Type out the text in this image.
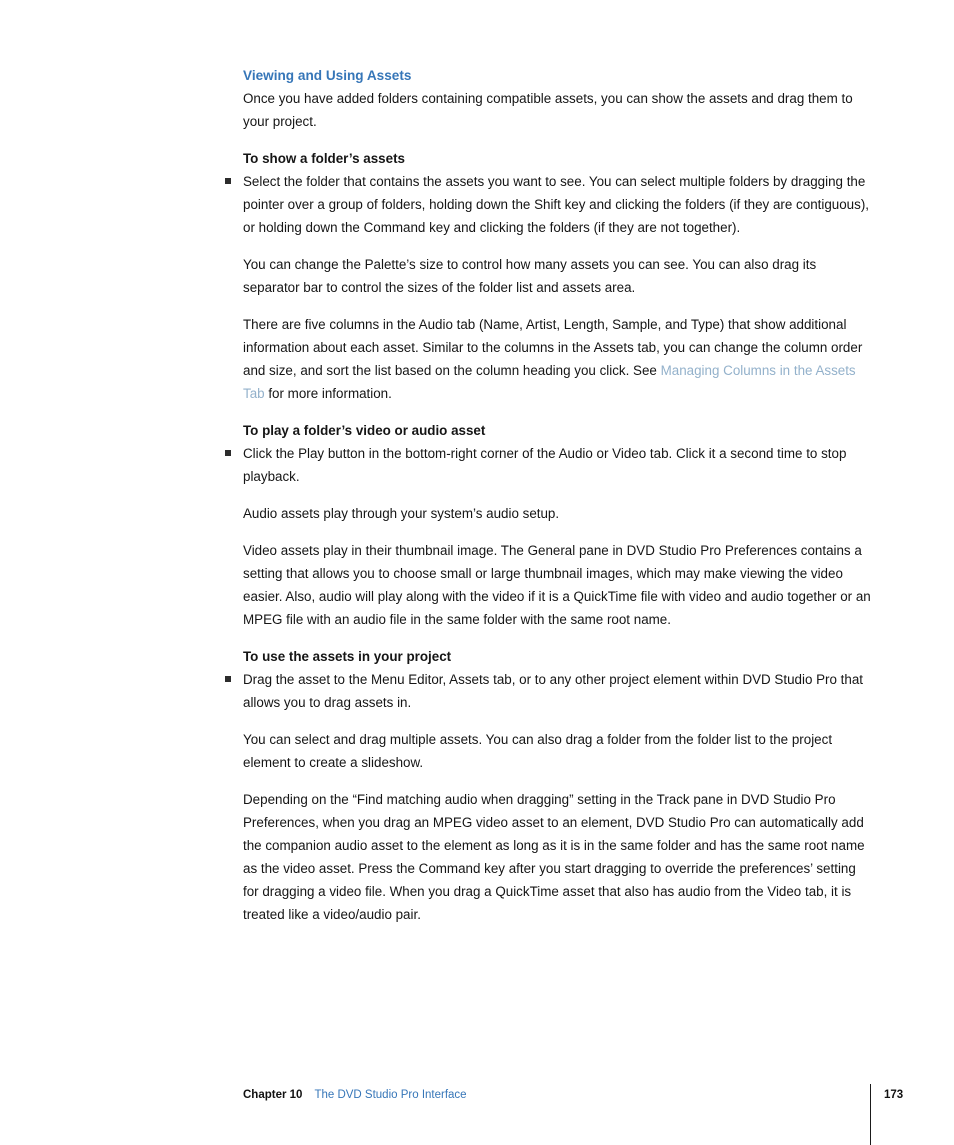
Viewing and Using Assets

Once you have added folders containing compatible assets, you can show the assets and drag them to your project.

To show a folder’s assets

Select the folder that contains the assets you want to see. You can select multiple folders by dragging the pointer over a group of folders, holding down the Shift key and clicking the folders (if they are contiguous), or holding down the Command key and clicking the folders (if they are not together).

You can change the Palette’s size to control how many assets you can see. You can also drag its separator bar to control the sizes of the folder list and assets area.

There are five columns in the Audio tab (Name, Artist, Length, Sample, and Type) that show additional information about each asset. Similar to the columns in the Assets tab, you can change the column order and size, and sort the list based on the column heading you click. See Managing Columns in the Assets Tab for more information.

To play a folder’s video or audio asset

Click the Play button in the bottom-right corner of the Audio or Video tab. Click it a second time to stop playback.

Audio assets play through your system’s audio setup.

Video assets play in their thumbnail image. The General pane in DVD Studio Pro Preferences contains a setting that allows you to choose small or large thumbnail images, which may make viewing the video easier. Also, audio will play along with the video if it is a QuickTime file with video and audio together or an MPEG file with an audio file in the same folder with the same root name.

To use the assets in your project

Drag the asset to the Menu Editor, Assets tab, or to any other project element within DVD Studio Pro that allows you to drag assets in.

You can select and drag multiple assets. You can also drag a folder from the folder list to the project element to create a slideshow.

Depending on the “Find matching audio when dragging” setting in the Track pane in DVD Studio Pro Preferences, when you drag an MPEG video asset to an element, DVD Studio Pro can automatically add the companion audio asset to the element as long as it is in the same folder and has the same root name as the video asset. Press the Command key after you start dragging to override the preferences’ setting for dragging a video file. When you drag a QuickTime asset that also has audio from the Video tab, it is treated like a video/audio pair.

Chapter 10 The DVD Studio Pro Interface	173
